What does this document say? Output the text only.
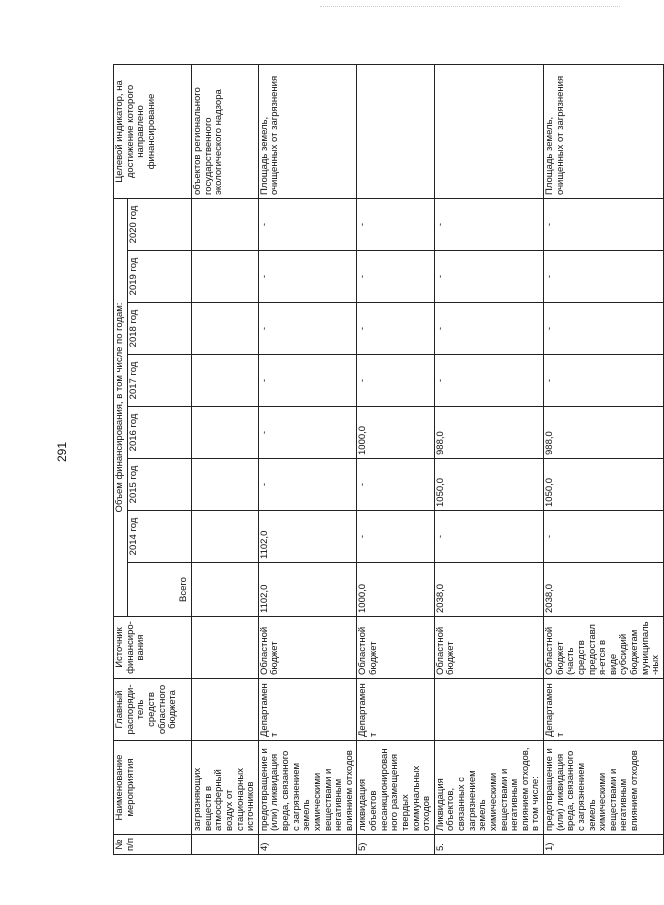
291
№ п/п	Наименование мероприятия	Главный распоряди-тель средств областного бюджета	Источник финансиро-вания	Объем финансирования, в том числе по годам:								Целевой индикатор, на достижение которого направлено финансирование
				Всего	2014 год	2015 год	2016 год	2017 год	2018 год	2019 год	2020 год	
	загрязняющих веществ в атмосферный воздух от стационарных источников											объектов регионального государственного экологического надзора
4)	предотвращение и (или) ликвидация вреда, связанного с загрязнением земель химическими веществами и негативным влиянием отходов	Департамент	Областной бюджет	1102,0	1102,0	-	-	-	-	-	-	Площадь земель, очищенных от загрязнения
5)	ликвидация объектов несанкционированного размещения твердых коммунальных отходов	Департамент	Областной бюджет	1000,0	-	-	1000,0	-	-	-	-	
5.	Ликвидация объектов, связанных с загрязнением земель химическими веществами и негативным влиянием отходов, в том числе:		Областной бюджет	2038,0	-	1050,0	988,0	-	-	-	-	
1)	предотвращение и (или) ликвидация вреда, связанного с загрязнением земель химическими веществами и негативным влиянием отходов	Департамент	Областной бюджет (часть средств предоставля-ется в виде субсидий бюджетам муниципаль-ных	2038,0	-	1050,0	988,0	-	-	-	-	Площадь земель, очищенных от загрязнения
